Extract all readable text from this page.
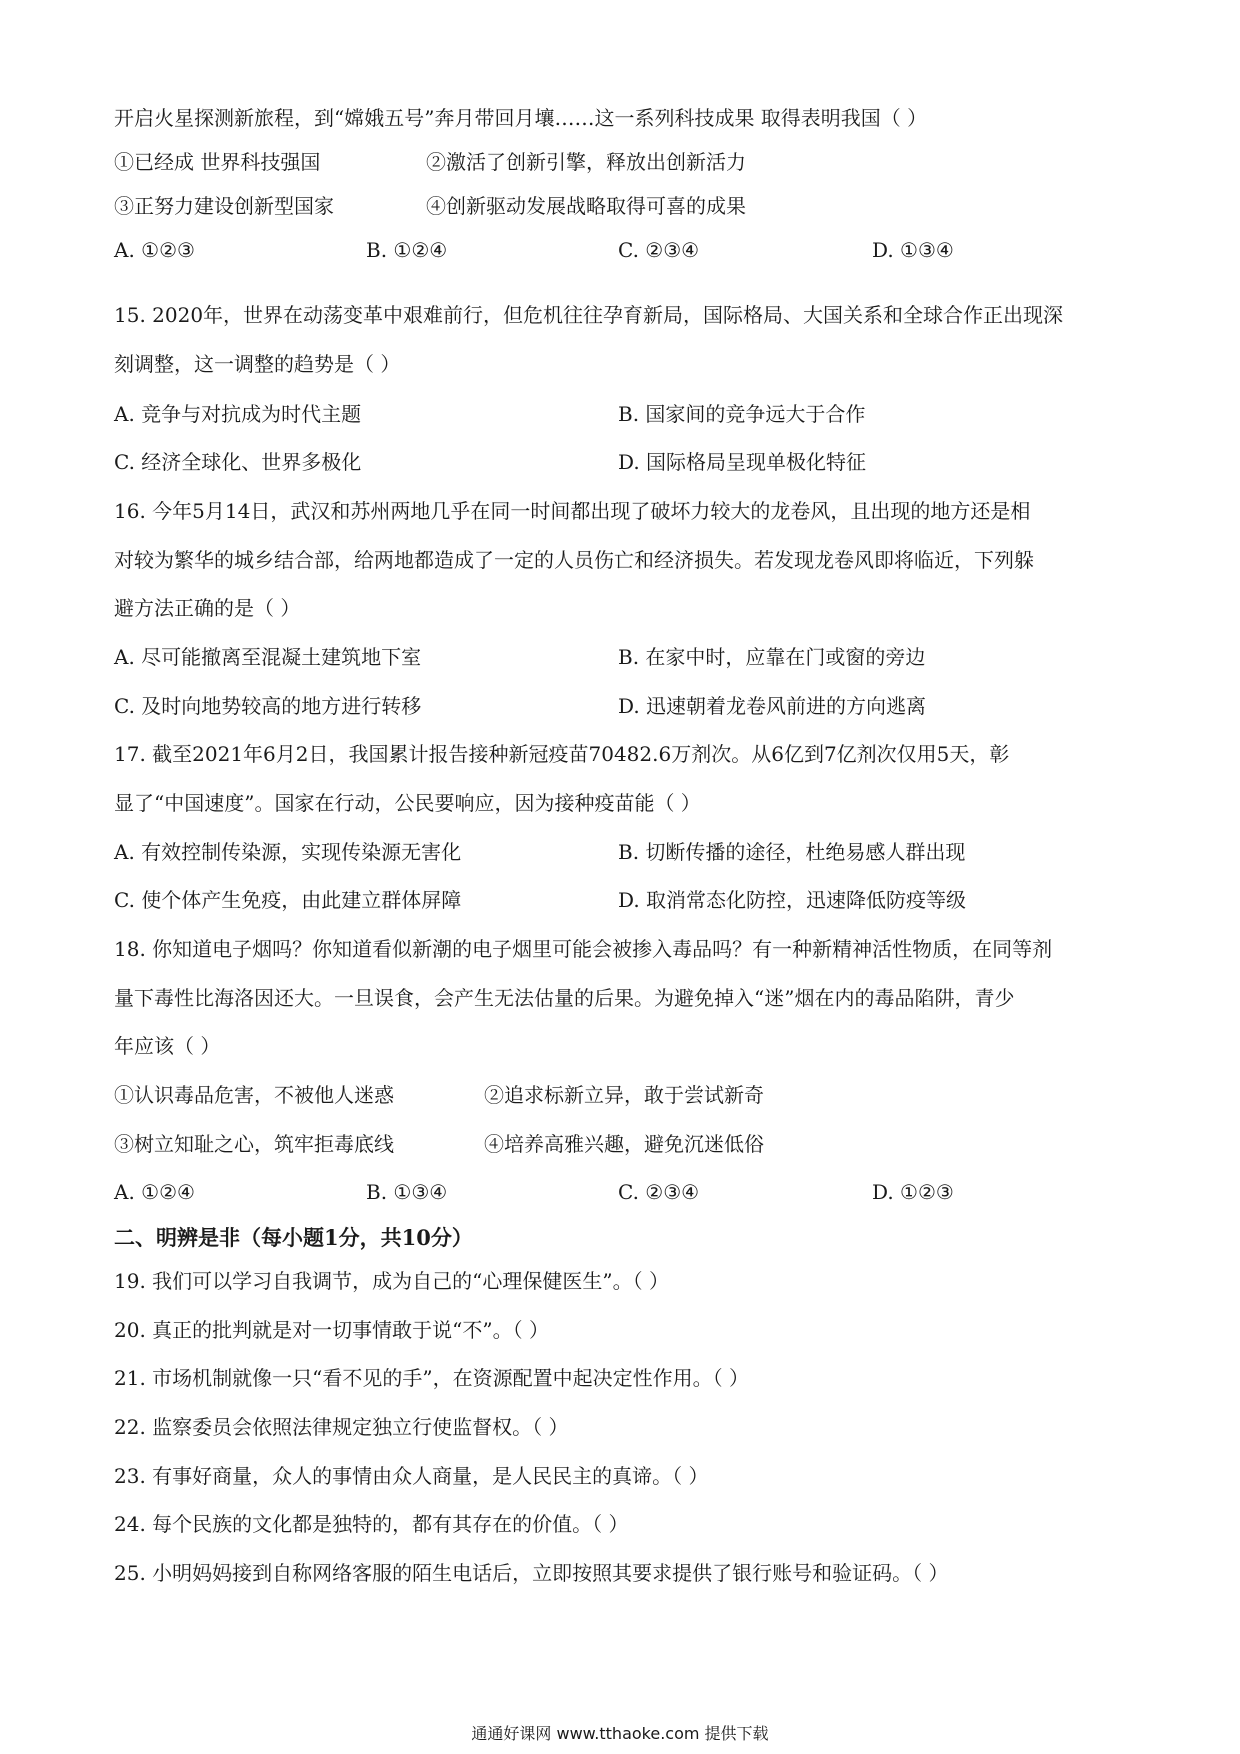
开启火星探测新旅程，到“嫦娥五号”奔月带回月壤……这一系列科技成果 取得表明我国（ ）
①已经成 世界科技强国	②激活了创新引擎，释放出创新活力
③正努力建设创新型国家	④创新驱动发展战略取得可喜的成果
A. ①②③	B. ①②④	C. ②③④	D. ①③④
15. 2020年，世界在动荡变革中艰难前行，但危机往往孕育新局，国际格局、大国关系和全球合作正出现深
刻调整，这一调整的趋势是（ ）
A. 竞争与对抗成为时代主题	B. 国家间的竞争远大于合作
C. 经济全球化、世界多极化	D. 国际格局呈现单极化特征
16. 今年5月14日，武汉和苏州两地几乎在同一时间都出现了破坏力较大的龙卷风，且出现的地方还是相
对较为繁华的城乡结合部，给两地都造成了一定的人员伤亡和经济损失。若发现龙卷风即将临近，下列躲
避方法正确的是（ ）
A. 尽可能撤离至混凝土建筑地下室	B. 在家中时，应靠在门或窗的旁边
C. 及时向地势较高的地方进行转移	D. 迅速朝着龙卷风前进的方向逃离
17. 截至2021年6月2日，我国累计报告接种新冠疫苗70482.6万剂次。从6亿到7亿剂次仅用5天，彰
显了“中国速度”。国家在行动，公民要响应，因为接种疫苗能（ ）
A. 有效控制传染源，实现传染源无害化	B. 切断传播的途径，杜绝易感人群出现
C. 使个体产生免疫，由此建立群体屏障	D. 取消常态化防控，迅速降低防疫等级
18. 你知道电子烟吗？你知道看似新潮的电子烟里可能会被掺入毒品吗？有一种新精神活性物质，在同等剂
量下毒性比海洛因还大。一旦误食，会产生无法估量的后果。为避免掉入“迷”烟在内的毒品陷阱，青少
年应该（ ）
①认识毒品危害，不被他人迷惑	②追求标新立异，敢于尝试新奇
③树立知耻之心，筑牢拒毒底线	④培养高雅兴趣，避免沉迷低俗
A. ①②④	B. ①③④	C. ②③④	D. ①②③
二、明辨是非（每小题1分，共10分）
19. 我们可以学习自我调节，成为自己的“心理保健医生”。（ ）
20. 真正的批判就是对一切事情敢于说“不”。（ ）
21. 市场机制就像一只“看不见的手”，在资源配置中起决定性作用。（ ）
22. 监察委员会依照法律规定独立行使监督权。（ ）
23. 有事好商量，众人的事情由众人商量，是人民民主的真谛。（ ）
24. 每个民族的文化都是独特的，都有其存在的价值。（ ）
25. 小明妈妈接到自称网络客服的陌生电话后，立即按照其要求提供了银行账号和验证码。（ ）
通通好课网 www.tthaoke.com 提供下载
